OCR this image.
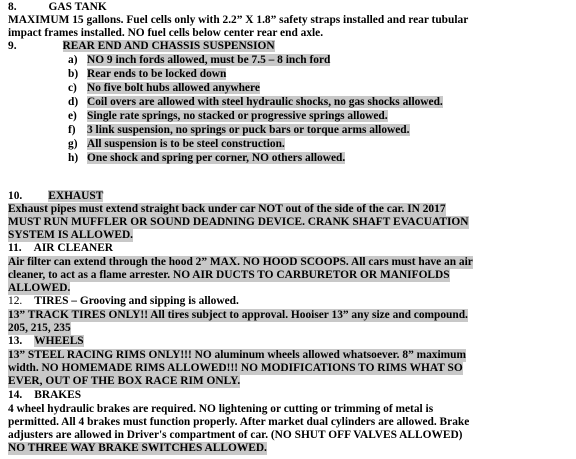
8.	GAS TANK
MAXIMUM 15 gallons. Fuel cells only with 2.2” X 1.8” safety straps installed and rear tubular
impact frames installed. NO fuel cells below center rear end axle.
9.	REAR END AND CHASSIS SUSPENSION
a) NO 9 inch fords allowed, must be 7.5 – 8 inch ford
b) Rear ends to be locked down
c) No five bolt hubs allowed anywhere
d) Coil overs are allowed with steel hydraulic shocks, no gas shocks allowed.
e) Single rate springs, no stacked or progressive springs allowed.
f) 3 link suspension, no springs or puck bars or torque arms allowed.
g) All suspension is to be steel construction.
h) One shock and spring per corner, NO others allowed.
10. EXHAUST
Exhaust pipes must extend straight back under car NOT out of the side of the car. IN 2017
MUST RUN MUFFLER OR SOUND DEADNING DEVICE. CRANK SHAFT EVACUATION
SYSTEM IS ALLOWED.
11. AIR CLEANER
Air filter can extend through the hood 2” MAX. NO HOOD SCOOPS. All cars must have an air
cleaner, to act as a flame arrester. NO AIR DUCTS TO CARBURETOR OR MANIFOLDS
ALLOWED.
12. TIRES – Grooving and sipping is allowed.
13” TRACK TIRES ONLY!! All tires subject to approval. Hooiser 13” any size and compound.
205, 215, 235
13. WHEELS
13” STEEL RACING RIMS ONLY!!! NO aluminum wheels allowed whatsoever. 8” maximum
width. NO HOMEMADE RIMS ALLOWED!!! NO MODIFICATIONS TO RIMS WHAT SO
EVER, OUT OF THE BOX RACE RIM ONLY.
14. BRAKES
4 wheel hydraulic brakes are required. NO lightening or cutting or trimming of metal is
permitted. All 4 brakes must function properly. After market dual cylinders are allowed. Brake
adjusters are allowed in Driver's compartment of car. (NO SHUT OFF VALVES ALLOWED)
NO THREE WAY BRAKE SWITCHES ALLOWED.
